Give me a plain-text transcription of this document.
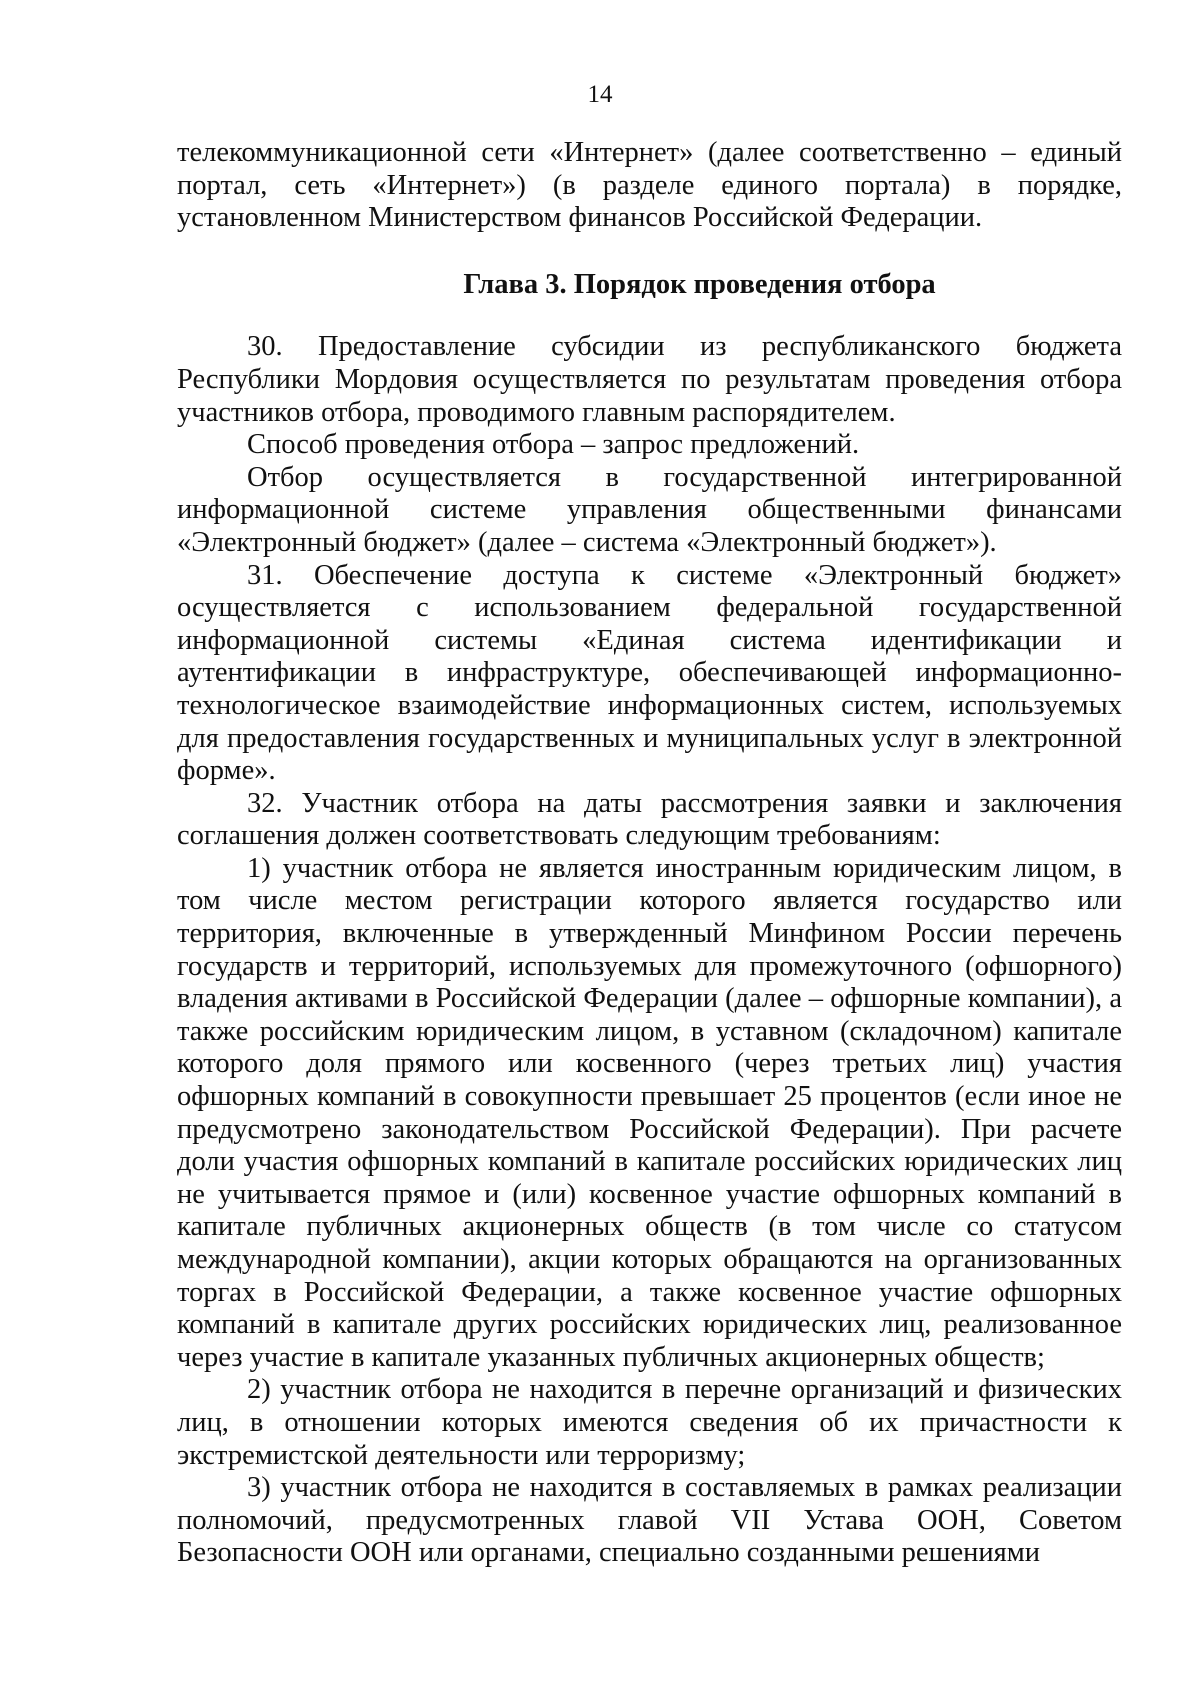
14

телекоммуникационной сети «Интернет» (далее соответственно – единый портал, сеть «Интернет») (в разделе единого портала) в порядке, установленном Министерством финансов Российской Федерации.

Глава 3. Порядок проведения отбора

30. Предоставление субсидии из республиканского бюджета Республики Мордовия осуществляется по результатам проведения отбора участников отбора, проводимого главным распорядителем.

Способ проведения отбора – запрос предложений.

Отбор осуществляется в государственной интегрированной информационной системе управления общественными финансами «Электронный бюджет» (далее – система «Электронный бюджет»).

31. Обеспечение доступа к системе «Электронный бюджет» осуществляется с использованием федеральной государственной информационной системы «Единая система идентификации и аутентификации в инфраструктуре, обеспечивающей информационно-технологическое взаимодействие информационных систем, используемых для предоставления государственных и муниципальных услуг в электронной форме».

32. Участник отбора на даты рассмотрения заявки и заключения соглашения должен соответствовать следующим требованиям:

1) участник отбора не является иностранным юридическим лицом, в том числе местом регистрации которого является государство или территория, включенные в утвержденный Минфином России перечень государств и территорий, используемых для промежуточного (офшорного) владения активами в Российской Федерации (далее – офшорные компании), а также российским юридическим лицом, в уставном (складочном) капитале которого доля прямого или косвенного (через третьих лиц) участия офшорных компаний в совокупности превышает 25 процентов (если иное не предусмотрено законодательством Российской Федерации). При расчете доли участия офшорных компаний в капитале российских юридических лиц не учитывается прямое и (или) косвенное участие офшорных компаний в капитале публичных акционерных обществ (в том числе со статусом международной компании), акции которых обращаются на организованных торгах в Российской Федерации, а также косвенное участие офшорных компаний в капитале других российских юридических лиц, реализованное через участие в капитале указанных публичных акционерных обществ;

2) участник отбора не находится в перечне организаций и физических лиц, в отношении которых имеются сведения об их причастности к экстремистской деятельности или терроризму;

3) участник отбора не находится в составляемых в рамках реализации полномочий, предусмотренных главой VII Устава ООН, Советом Безопасности ООН или органами, специально созданными решениями
